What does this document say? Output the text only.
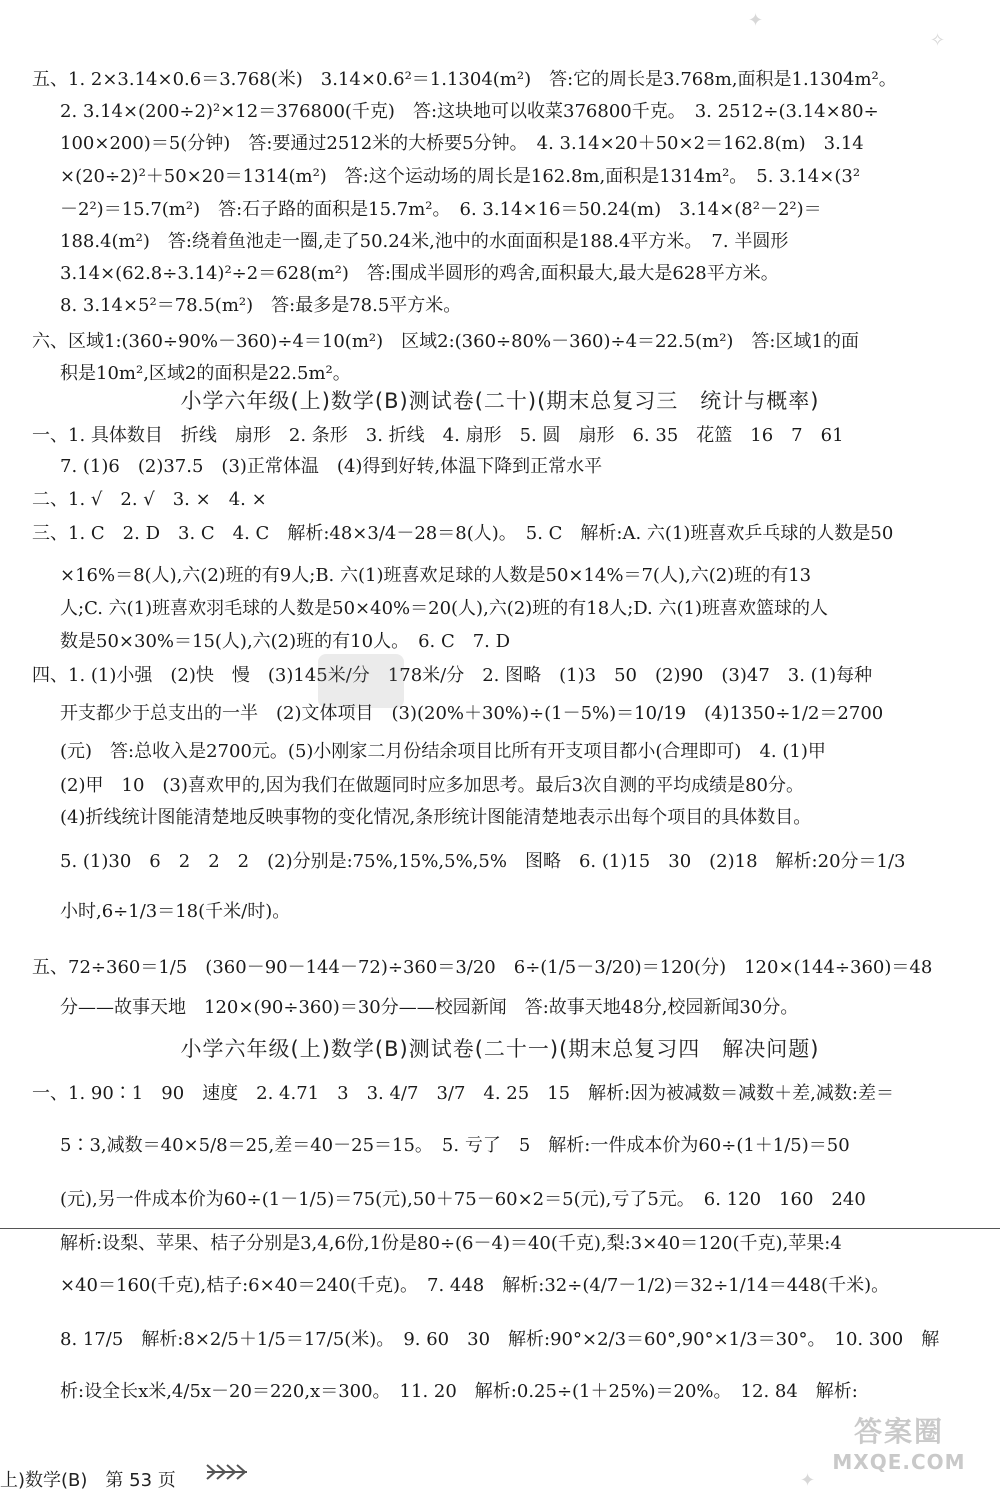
✦
✧
✦
五、1. 2×3.14×0.6＝3.768(米)　3.14×0.6²＝1.1304(m²)　答:它的周长是3.768m,面积是1.1304m²。
2. 3.14×(200÷2)²×12＝376800(千克)　答:这块地可以收菜376800千克。　3. 2512÷(3.14×80÷
100×200)＝5(分钟)　答:要通过2512米的大桥要5分钟。　4. 3.14×20＋50×2＝162.8(m)　3.14
×(20÷2)²＋50×20＝1314(m²)　答:这个运动场的周长是162.8m,面积是1314m²。　5. 3.14×(3²
－2²)＝15.7(m²)　答:石子路的面积是15.7m²。　6. 3.14×16＝50.24(m)　3.14×(8²－2²)＝
188.4(m²)　答:绕着鱼池走一圈,走了50.24米,池中的水面面积是188.4平方米。　7. 半圆形
3.14×(62.8÷3.14)²÷2＝628(m²)　答:围成半圆形的鸡舍,面积最大,最大是628平方米。
8. 3.14×5²＝78.5(m²)　答:最多是78.5平方米。
六、区域1:(360÷90%－360)÷4＝10(m²)　区域2:(360÷80%－360)÷4＝22.5(m²)　答:区域1的面
积是10m²,区域2的面积是22.5m²。
小学六年级(上)数学(B)测试卷(二十)(期末总复习三　统计与概率)
一、1. 具体数目　折线　扇形　2. 条形　3. 折线　4. 扇形　5. 圆　扇形　6. 35　花篮　16　7　61
7. (1)6　(2)37.5　(3)正常体温　(4)得到好转,体温下降到正常水平
二、1. √　2. √　3. ×　4. ×
三、1. C　2. D　3. C　4. C　解析:48×3/4－28＝8(人)。　5. C　解析:A. 六(1)班喜欢乒乓球的人数是50
×16%＝8(人),六(2)班的有9人;B. 六(1)班喜欢足球的人数是50×14%＝7(人),六(2)班的有13
人;C. 六(1)班喜欢羽毛球的人数是50×40%＝20(人),六(2)班的有18人;D. 六(1)班喜欢篮球的人
数是50×30%＝15(人),六(2)班的有10人。　6. C　7. D
四、1. (1)小强　(2)快　慢　(3)145米/分　178米/分　2. 图略　(1)3　50　(2)90　(3)47　3. (1)每种
开支都少于总支出的一半　(2)文体项目　(3)(20%＋30%)÷(1－5%)＝10/19　(4)1350÷1/2＝2700
(元)　答:总收入是2700元。(5)小刚家二月份结余项目比所有开支项目都小(合理即可)　4. (1)甲
(2)甲　10　(3)喜欢甲的,因为我们在做题同时应多加思考。最后3次自测的平均成绩是80分。
(4)折线统计图能清楚地反映事物的变化情况,条形统计图能清楚地表示出每个项目的具体数目。
5. (1)30　6　2　2　2　(2)分别是:75%,15%,5%,5%　图略　6. (1)15　30　(2)18　解析:20分＝1/3
小时,6÷1/3＝18(千米/时)。
五、72÷360＝1/5　(360－90－144－72)÷360＝3/20　6÷(1/5－3/20)＝120(分)　120×(144÷360)＝48
分——故事天地　120×(90÷360)＝30分——校园新闻　答:故事天地48分,校园新闻30分。
小学六年级(上)数学(B)测试卷(二十一)(期末总复习四　解决问题)
一、1. 90∶1　90　速度　2. 4.71　3　3. 4/7　3/7　4. 25　15　解析:因为被减数＝减数＋差,减数:差＝
5∶3,减数＝40×5/8＝25,差＝40－25＝15。　5. 亏了　5　解析:一件成本价为60÷(1＋1/5)＝50
(元),另一件成本价为60÷(1－1/5)＝75(元),50＋75－60×2＝5(元),亏了5元。　6. 120　160　240
解析:设梨、苹果、桔子分别是3,4,6份,1份是80÷(6－4)＝40(千克),梨:3×40＝120(千克),苹果:4
×40＝160(千克),桔子:6×40＝240(千克)。　7. 448　解析:32÷(4/7－1/2)＝32÷1/14＝448(千米)。
8. 17/5　解析:8×2/5＋1/5＝17/5(米)。　9. 60　30　解析:90°×2/3＝60°,90°×1/3＝30°。　10. 300　解
析:设全长x米,4/5x－20＝220,x＝300。　11. 20　解析:0.25÷(1＋25%)＝20%。　12. 84　解析:
上)数学(B)　第 53 页
答案圈
MXQE.COM
